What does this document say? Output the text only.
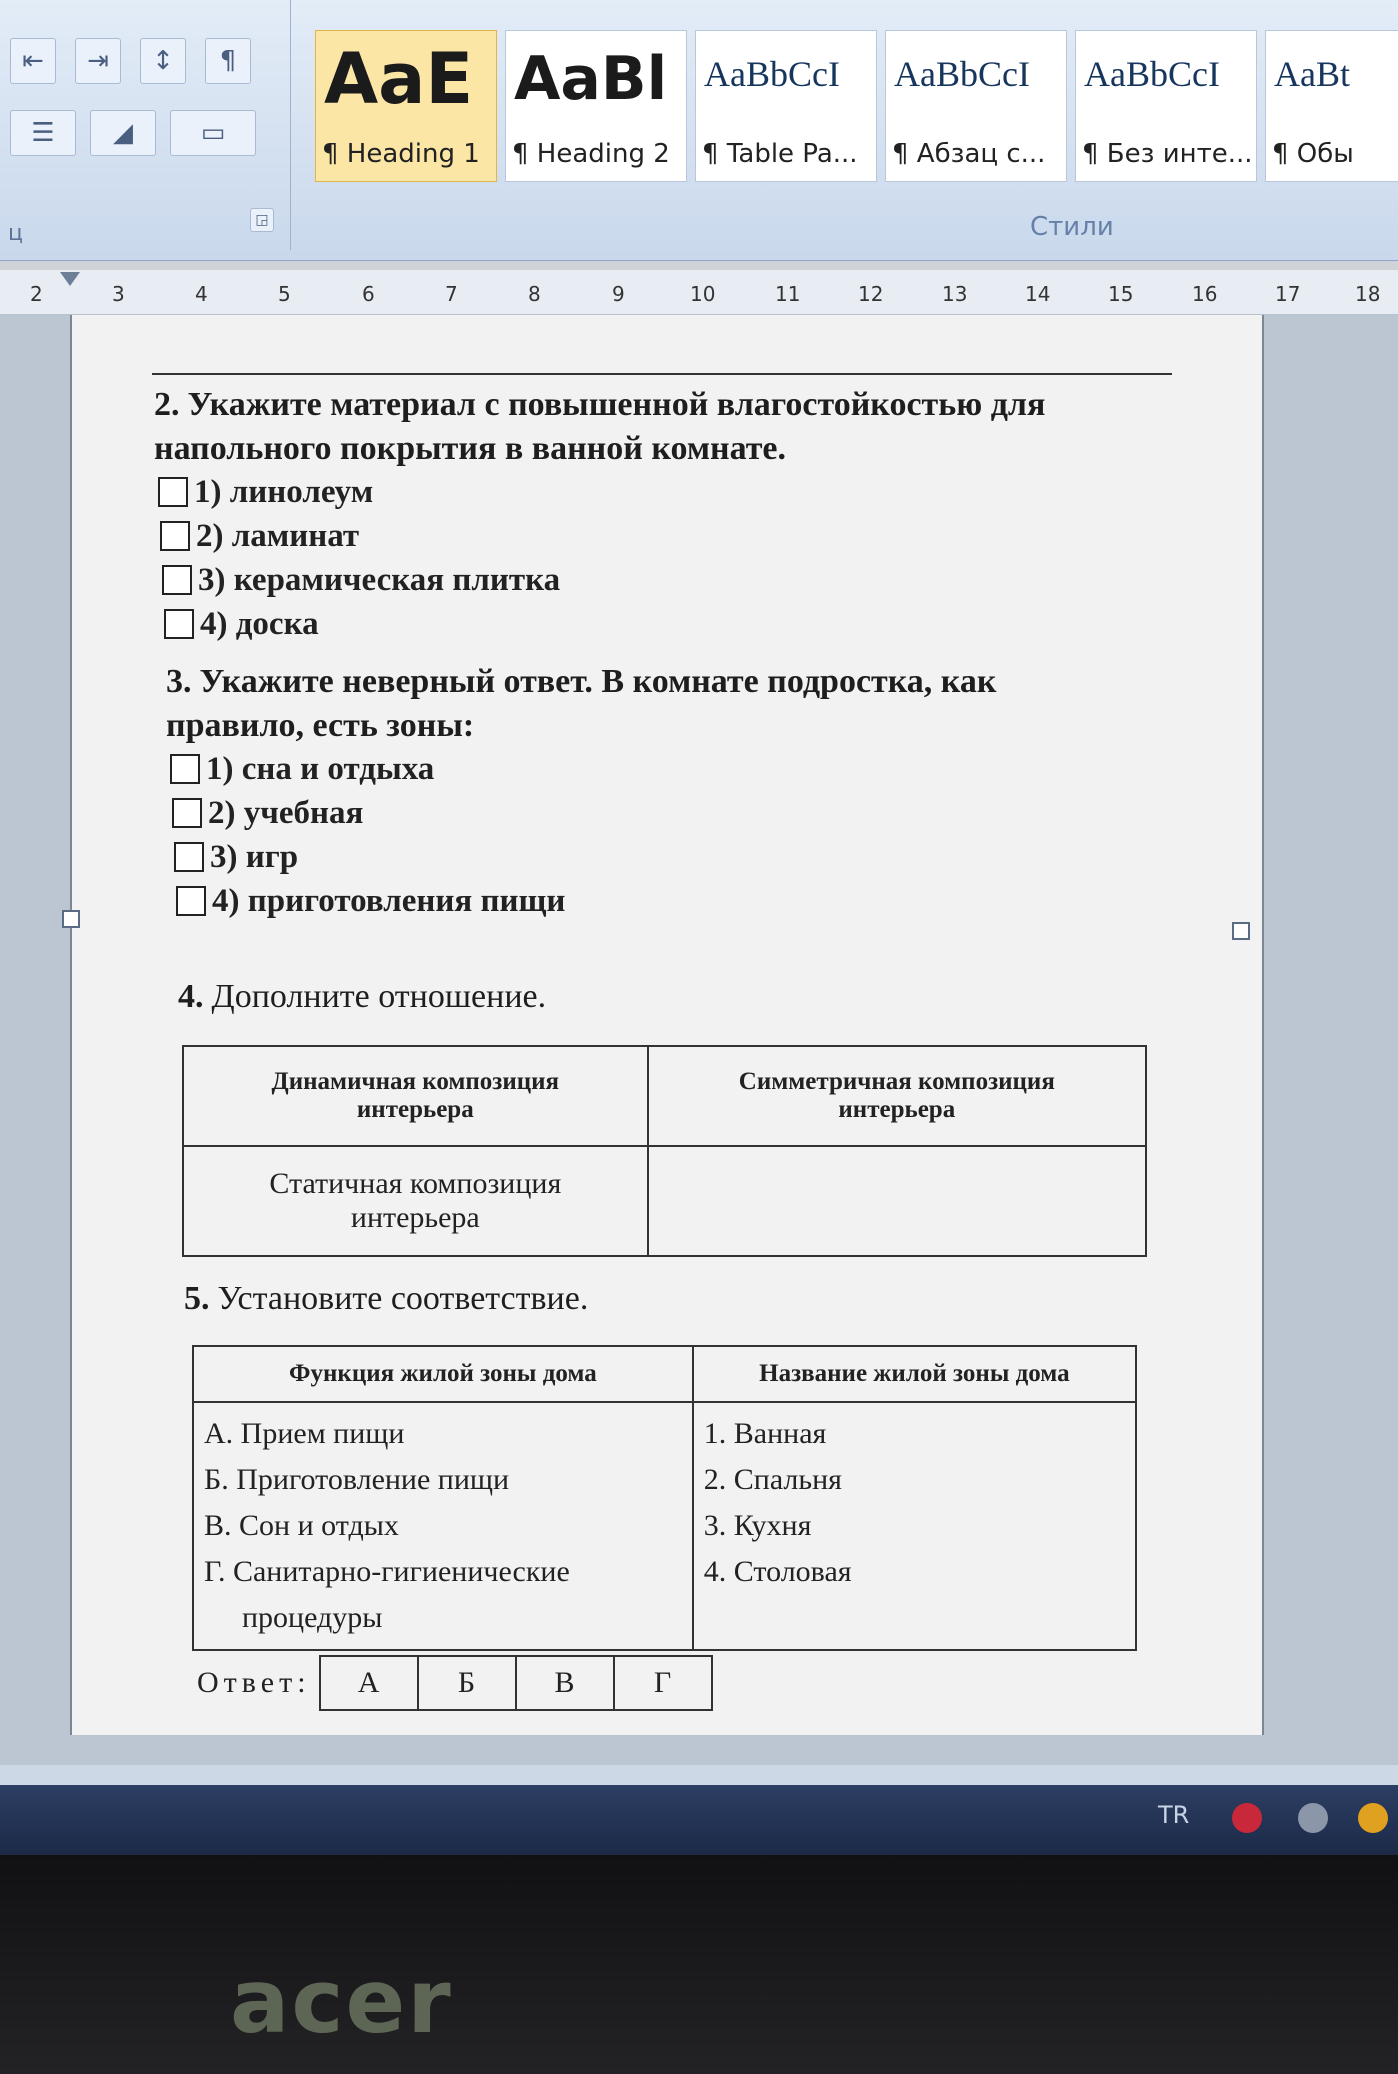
⇤	⇥	↕	¶
☰	◢	▭
ц
◲
AaE
¶ Heading 1
AaBl
¶ Heading 2
AaBbCcI
¶ Table Pa...
AaBbCcI
¶ Абзац с...
AaBbCcI
¶ Без инте...
AaBt
¶ Обы
Стили
2	3	4	5	6	7	8	9	10	11	12	13	14	15	16	17	18
2. Укажите материал с повышенной влагостойкостью для
напольного покрытия в ванной комнате.
1) линолеум
2) ламинат
3) керамическая плитка
4) доска
3. Укажите неверный ответ. В комнате подростка, как
правило, есть зоны:
1) сна и отдыха
2) учебная
3) игр
4) приготовления пищи
4. Дополните отношение.
Динамичная композиция
интерьера	Симметричная композиция
интерьера

Статичная композиция
интерьера	

5. Установите соответствие.
Функция жилой зоны дома	Название жилой зоны дома

А. Прием пищи
Б. Приготовление пищи
В. Сон и отдых
Г. Санитарно-гигиенические
процедуры	1. Ванная
2. Спальня
3. Кухня
4. Столовая
Ответ:	А	Б	В	Г
TR
acer
